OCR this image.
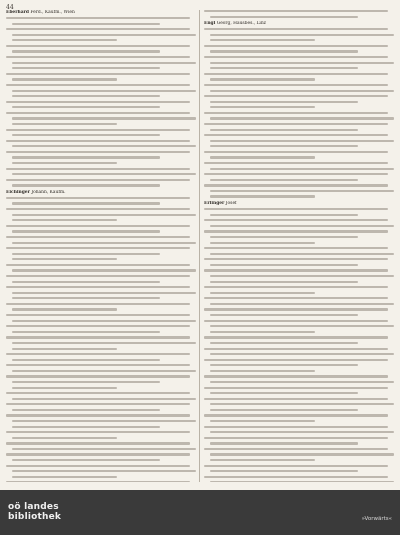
44
Eberhard Ferd., Kaufm., Wien
Eichinger Johann, Kaufm.
Engl Georg, Hausbes., Linz
Erlinger Josef
oö landes
bibliothek	»Vorwärts«
